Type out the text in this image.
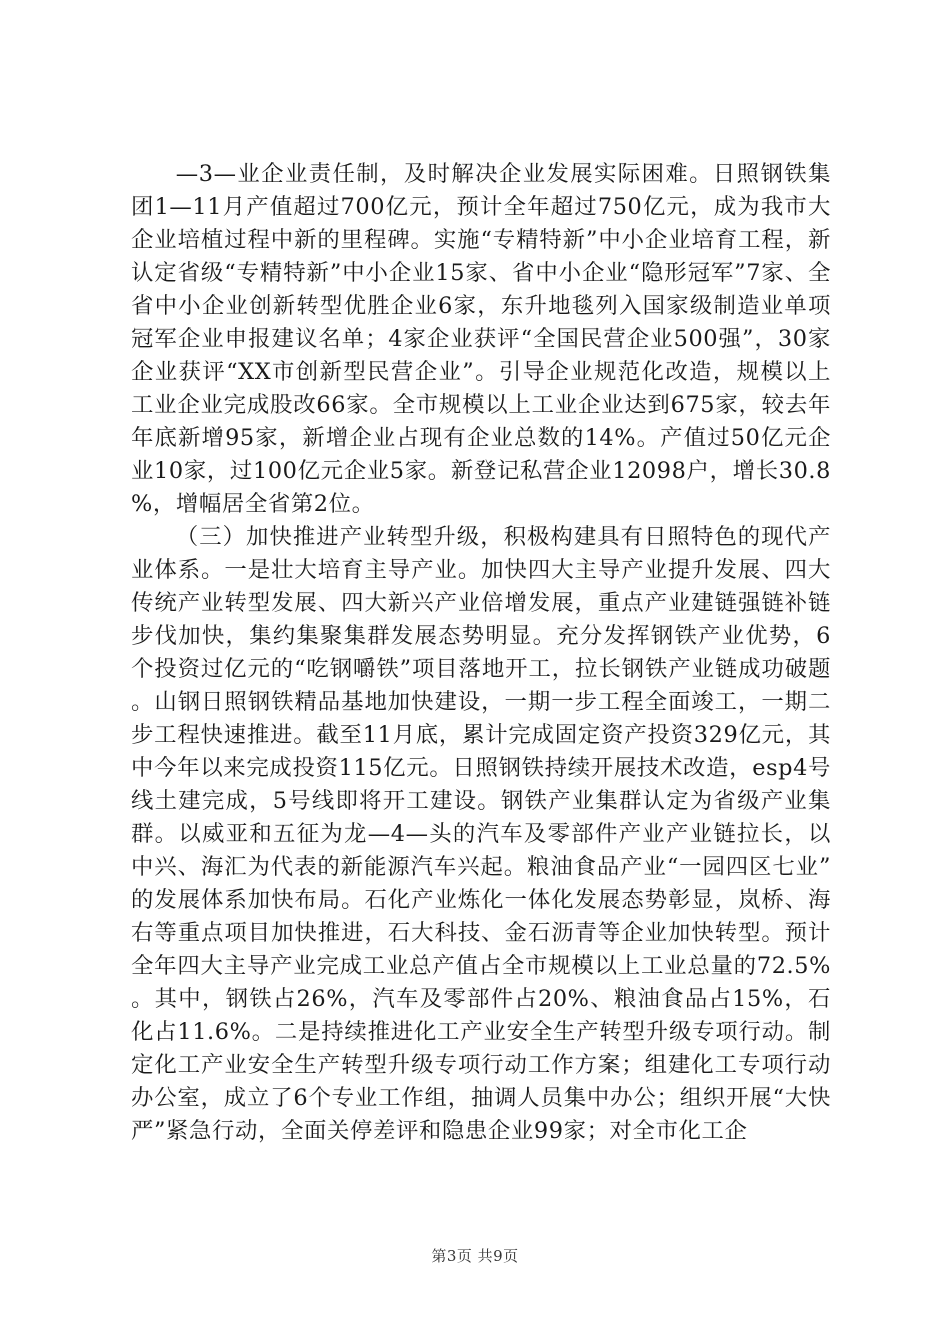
—3—业企业责任制，及时解决企业发展实际困难。日照钢铁集团1—11月产值超过700亿元，预计全年超过750亿元，成为我市大企业培植过程中新的里程碑。实施“专精特新”中小企业培育工程，新认定省级“专精特新”中小企业15家、省中小企业“隐形冠军”7家、全省中小企业创新转型优胜企业6家，东升地毯列入国家级制造业单项冠军企业申报建议名单；4家企业获评“全国民营企业500强”，30家企业获评“XX市创新型民营企业”。引导企业规范化改造，规模以上工业企业完成股改66家。全市规模以上工业企业达到675家，较去年年底新增95家，新增企业占现有企业总数的14%。产值过50亿元企业10家，过100亿元企业5家。新登记私营企业12098户，增长30.8%，增幅居全省第2位。

（三）加快推进产业转型升级，积极构建具有日照特色的现代产业体系。一是壮大培育主导产业。加快四大主导产业提升发展、四大传统产业转型发展、四大新兴产业倍增发展，重点产业建链强链补链步伐加快，集约集聚集群发展态势明显。充分发挥钢铁产业优势，6个投资过亿元的“吃钢嚼铁”项目落地开工，拉长钢铁产业链成功破题。山钢日照钢铁精品基地加快建设，一期一步工程全面竣工，一期二步工程快速推进。截至11月底，累计完成固定资产投资329亿元，其中今年以来完成投资115亿元。日照钢铁持续开展技术改造，esp4号线土建完成，5号线即将开工建设。钢铁产业集群认定为省级产业集群。以威亚和五征为龙—4—头的汽车及零部件产业产业链拉长，以中兴、海汇为代表的新能源汽车兴起。粮油食品产业“一园四区七业”的发展体系加快布局。石化产业炼化一体化发展态势彰显，岚桥、海右等重点项目加快推进，石大科技、金石沥青等企业加快转型。预计全年四大主导产业完成工业总产值占全市规模以上工业总量的72.5%。其中，钢铁占26%，汽车及零部件占20%、粮油食品占15%，石化占11.6%。二是持续推进化工产业安全生产转型升级专项行动。制定化工产业安全生产转型升级专项行动工作方案；组建化工专项行动办公室，成立了6个专业工作组，抽调人员集中办公；组织开展“大快严”紧急行动，全面关停差评和隐患企业99家；对全市化工企

第3页 共9页
